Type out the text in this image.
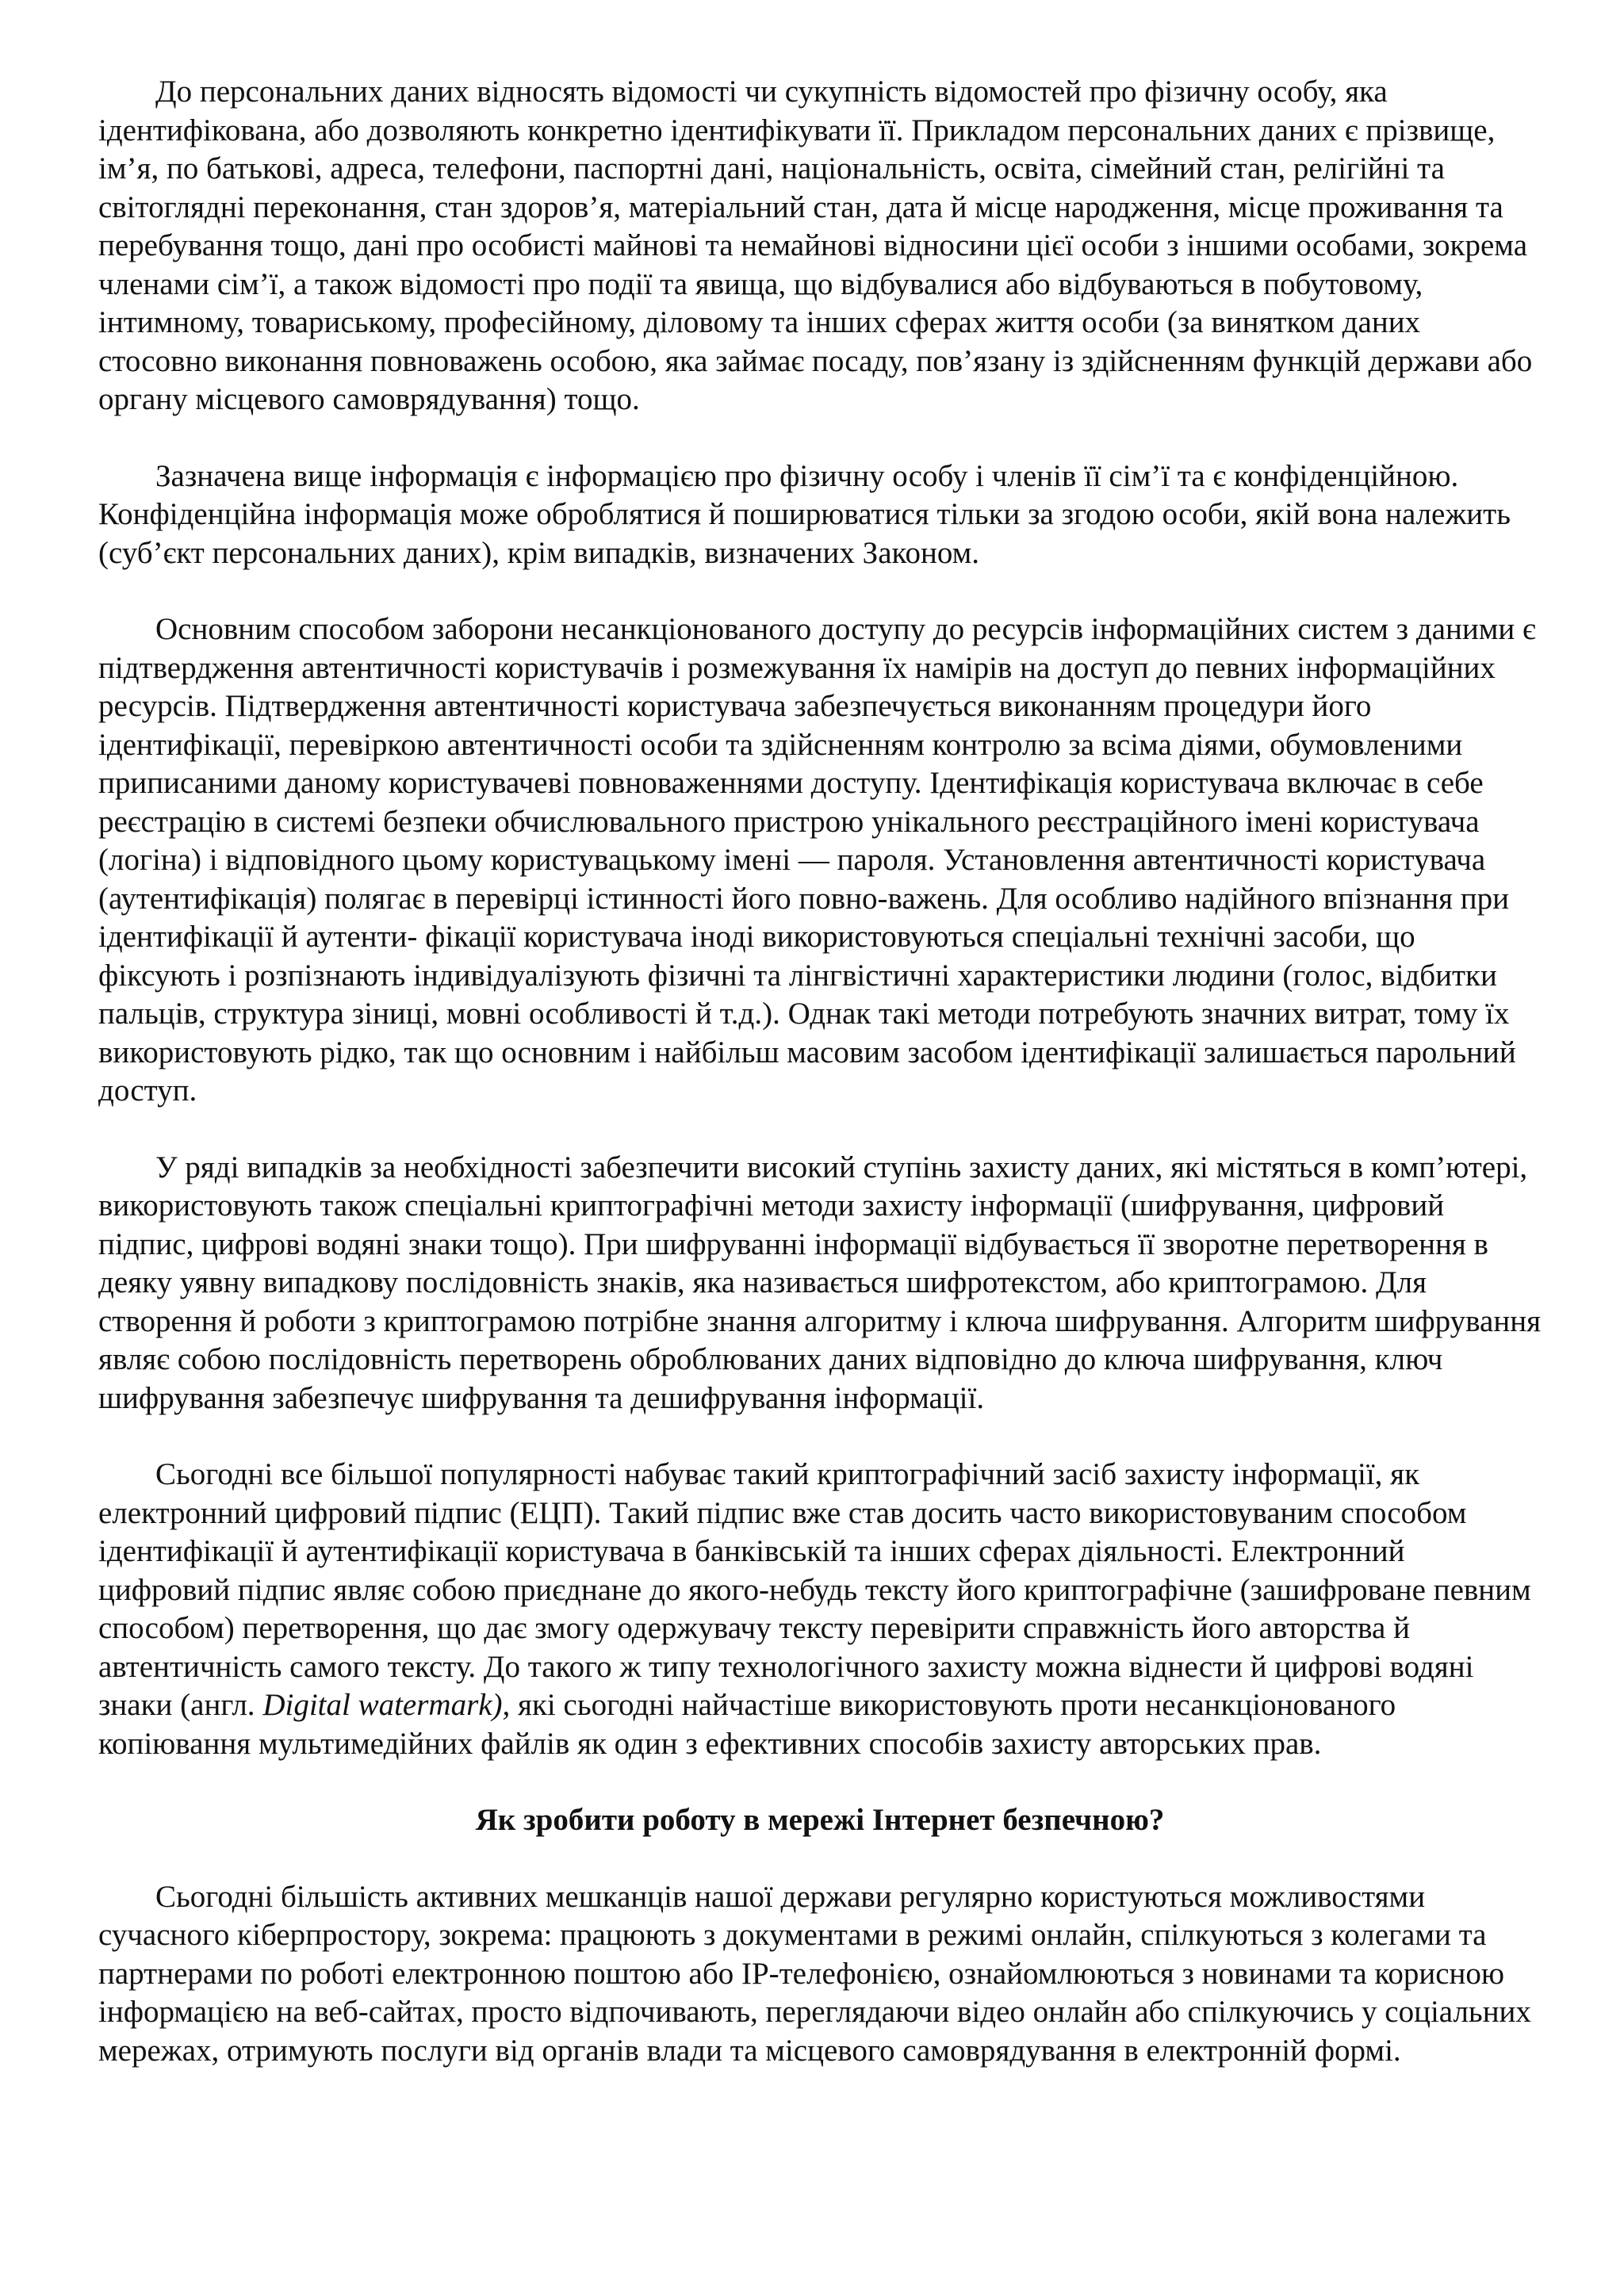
До персональних даних відносять відомості чи сукупність відомостей про фізичну особу, яка ідентифікована, або дозволяють конкретно ідентифікувати її. Прикладом персональних даних є прізвище, ім’я, по батькові, адреса, телефони, паспортні дані, національність, освіта, сімейний стан, релігійні та світоглядні переконання, стан здоров’я, матеріальний стан, дата й місце народження, місце проживання та перебування тощо, дані про особисті майнові та немайнові відносини цієї особи з іншими особами, зокрема членами сім’ї, а також відомості про події та явища, що відбувалися або відбуваються в побутовому, інтимному, товариському, професійному, діловому та інших сферах життя особи (за винятком даних стосовно виконання повноважень особою, яка займає посаду, пов’язану із здійсненням функцій держави або органу місцевого самоврядування) тощо.

Зазначена вище інформація є інформацією про фізичну особу і членів її сім’ї та є конфіденційною. Конфіденційна інформація може оброблятися й поширюватися тільки за згодою особи, якій вона належить (суб’єкт персональних даних), крім випадків, визначених Законом.

Основним способом заборони несанкціонованого доступу до ресурсів інформаційних систем з даними є підтвердження автентичності користувачів і розмежування їх намірів на доступ до певних інформаційних ресурсів. Підтвердження автентичності користувача забезпечується виконанням процедури його ідентифікації, перевіркою автентичності особи та здійсненням контролю за всіма діями, обумовленими приписаними даному користувачеві повноваженнями доступу. Ідентифікація користувача включає в себе реєстрацію в системі безпеки обчислювального пристрою унікального реєстраційного імені користувача (логіна) і відповідного цьому користувацькому імені — пароля. Установлення автентичності користувача (аутентифікація) полягає в перевірці істинності його повно-важень. Для особливо надійного впізнання при ідентифікації й аутенти- фікації користувача іноді використовуються спеціальні технічні засоби, що фіксують і розпізнають індивідуалізують фізичні та лінгвістичні характеристики людини (голос, відбитки пальців, структура зіниці, мовні особливості й т.д.). Однак такі методи потребують значних витрат, тому їх використовують рідко, так що основним і найбільш масовим засобом ідентифікації залишається парольний доступ.

У ряді випадків за необхідності забезпечити високий ступінь захисту даних, які містяться в комп’ютері, використовують також спеціальні криптографічні методи захисту інформації (шифрування, цифровий підпис, цифрові водяні знаки тощо). При шифруванні інформації відбувається її зворотне перетворення в деяку уявну випадкову послідовність знаків, яка називається шифротекстом, або криптограмою. Для створення й роботи з криптограмою потрібне знання алгоритму і ключа шифрування. Алгоритм шифрування являє собою послідовність перетворень оброблюваних даних відповідно до ключа шифрування, ключ шифрування забезпечує шифрування та дешифрування інформації.

Сьогодні все більшої популярності набуває такий криптографічний засіб захисту інформації, як електронний цифровий підпис (ЕЦП). Такий підпис вже став досить часто використовуваним способом ідентифікації й аутентифікації користувача в банківській та інших сферах діяльності. Електронний цифровий підпис являє собою приєднане до якого-небудь тексту його криптографічне (зашифроване певним способом) перетворення, що дає змогу одержувачу тексту перевірити справжність його авторства й автентичність самого тексту. До такого ж типу технологічного захисту можна віднести й цифрові водяні знаки (англ. Digital watermark), які сьогодні найчастіше використовують проти несанкціонованого копіювання мультимедійних файлів як один з ефективних способів захисту авторських прав.

Як зробити роботу в мережі Інтернет безпечною?

Сьогодні більшість активних мешканців нашої держави регулярно користуються можливостями сучасного кіберпростору, зокрема: працюють з документами в режимі онлайн, спілкуються з колегами та партнерами по роботі електронною поштою або IP-телефонією, ознайомлюються з новинами та корисною інформацією на веб-сайтах, просто відпочивають, переглядаючи відео онлайн або спілкуючись у соціальних мережах, отримують послуги від органів влади та місцевого самоврядування в електронній формі.
